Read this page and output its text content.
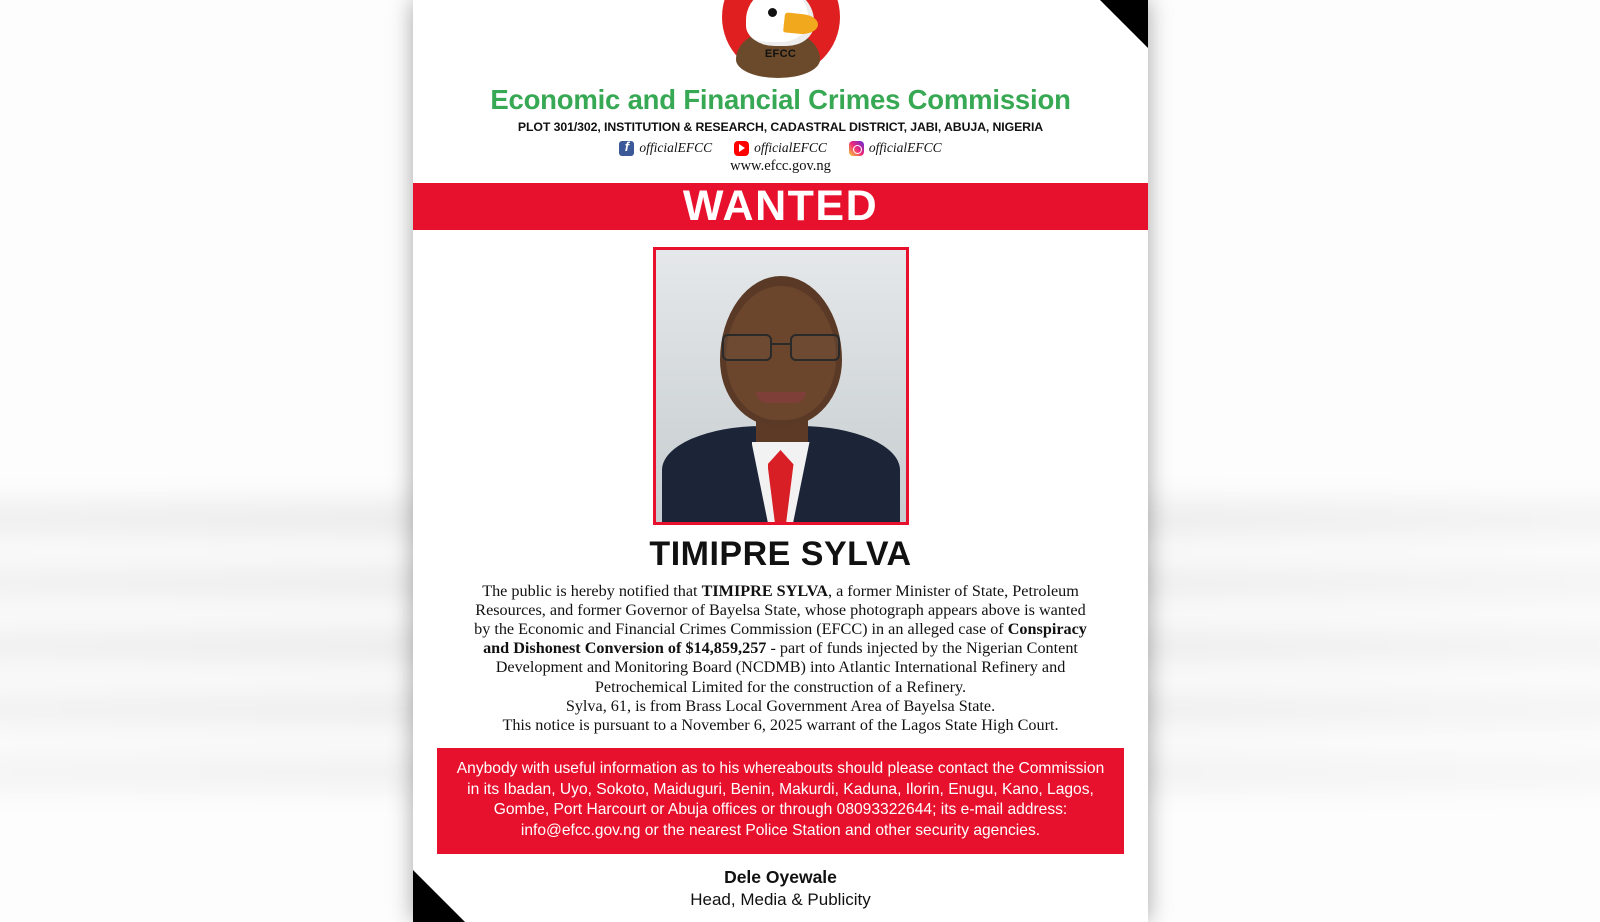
EFCC
Economic and Financial Crimes Commission
PLOT 301/302, INSTITUTION & RESEARCH, CADASTRAL DISTRICT, JABI, ABUJA, NIGERIA
f
officialEFCC	officialEFCC	officialEFCC
www.efcc.gov.ng
WANTED
TIMIPRE SYLVA
The public is hereby notified that TIMIPRE SYLVA, a former Minister of State, Petroleum
Resources, and former Governor of Bayelsa State, whose photograph appears above is wanted
by the Economic and Financial Crimes Commission (EFCC) in an alleged case of Conspiracy
and Dishonest Conversion of $14,859,257 - part of funds injected by the Nigerian Content
Development and Monitoring Board (NCDMB) into Atlantic International Refinery and
Petrochemical Limited for the construction of a Refinery.
Sylva, 61, is from Brass Local Government Area of Bayelsa State.
This notice is pursuant to a November 6, 2025 warrant of the Lagos State High Court.
Anybody with useful information as to his whereabouts should please contact the Commission in its Ibadan, Uyo, Sokoto, Maiduguri, Benin, Makurdi, Kaduna, Ilorin, Enugu, Kano, Lagos, Gombe, Port Harcourt or Abuja offices or through 08093322644; its e-mail address: info@efcc.gov.ng or the nearest Police Station and other security agencies.
Dele Oyewale
Head, Media & Publicity
